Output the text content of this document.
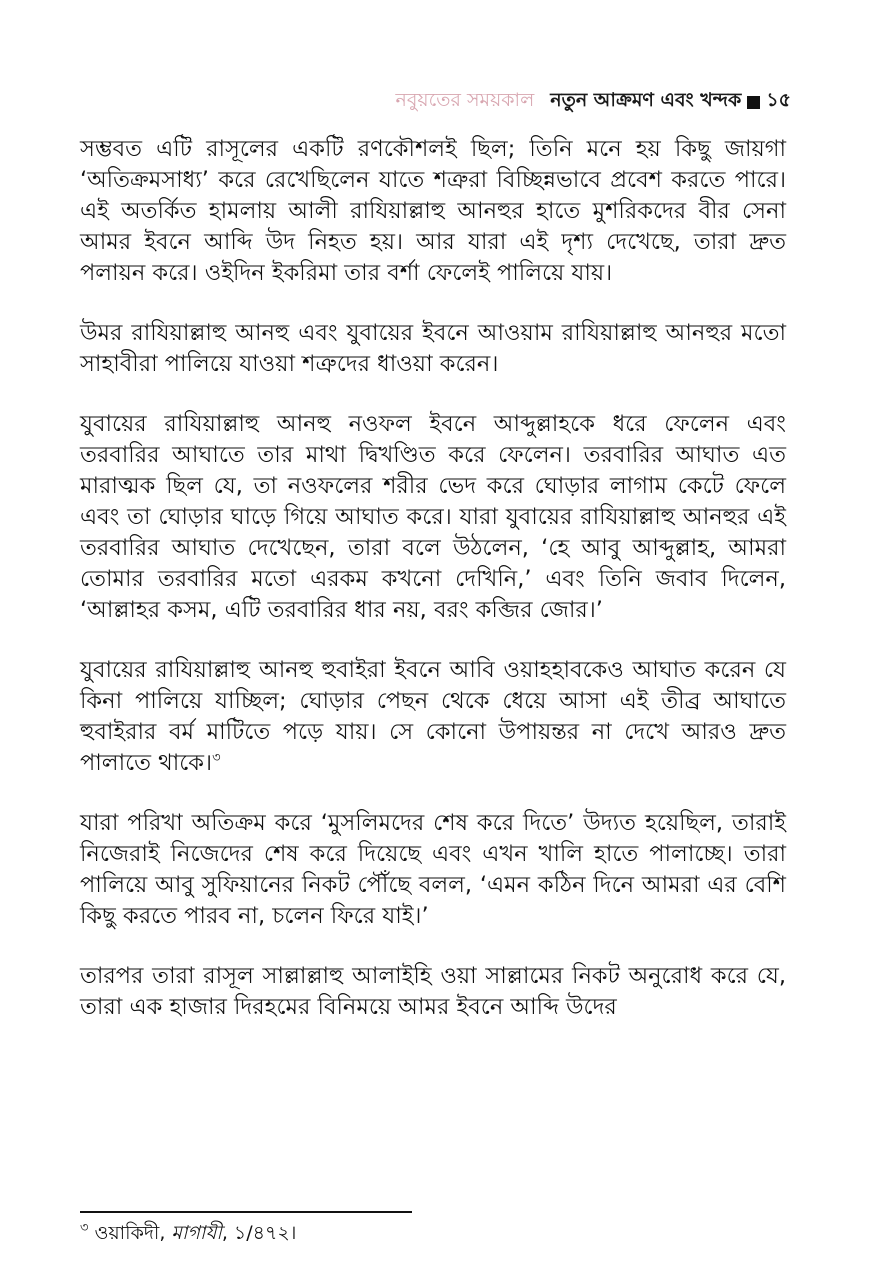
নবুয়তের সময়কাল নতুন আক্রমণ এবং খন্দক ১৫

সম্ভবত এটি রাসূলের একটি রণকৌশলই ছিল; তিনি মনে হয় কিছু জায়গা ‘অতিক্রমসাধ্য’ করে রেখেছিলেন যাতে শত্রুরা বিচ্ছিন্নভাবে প্রবেশ করতে পারে। এই অতর্কিত হামলায় আলী রাযিয়াল্লাহু আনহুর হাতে মুশরিকদের বীর সেনা আমর ইবনে আব্দি উদ নিহত হয়। আর যারা এই দৃশ্য দেখেছে, তারা দ্রুত পলায়ন করে। ওইদিন ইকরিমা তার বর্শা ফেলেই পালিয়ে যায়।

উমর রাযিয়াল্লাহু আনহু এবং যুবায়ের ইবনে আওয়াম রাযিয়াল্লাহু আনহুর মতো সাহাবীরা পালিয়ে যাওয়া শত্রুদের ধাওয়া করেন।

যুবায়ের রাযিয়াল্লাহু আনহু নওফল ইবনে আব্দুল্লাহকে ধরে ফেলেন এবং তরবারির আঘাতে তার মাথা দ্বিখণ্ডিত করে ফেলেন। তরবারির আঘাত এত মারাত্মক ছিল যে, তা নওফলের শরীর ভেদ করে ঘোড়ার লাগাম কেটে ফেলে এবং তা ঘোড়ার ঘাড়ে গিয়ে আঘাত করে। যারা যুবায়ের রাযিয়াল্লাহু আনহুর এই তরবারির আঘাত দেখেছেন, তারা বলে উঠলেন, ‘হে আবু আব্দুল্লাহ, আমরা তোমার তরবারির মতো এরকম কখনো দেখিনি,’ এবং তিনি জবাব দিলেন, ‘আল্লাহর কসম, এটি তরবারির ধার নয়, বরং কব্জির জোর।’

যুবায়ের রাযিয়াল্লাহু আনহু হুবাইরা ইবনে আবি ওয়াহহাবকেও আঘাত করেন যে কিনা পালিয়ে যাচ্ছিল; ঘোড়ার পেছন থেকে ধেয়ে আসা এই তীব্র আঘাতে হুবাইরার বর্ম মাটিতে পড়ে যায়। সে কোনো উপায়ন্তর না দেখে আরও দ্রুত পালাতে থাকে।$^৩$

যারা পরিখা অতিক্রম করে ‘মুসলিমদের শেষ করে দিতে’ উদ্যত হয়েছিল, তারাই নিজেরাই নিজেদের শেষ করে দিয়েছে এবং এখন খালি হাতে পালাচ্ছে। তারা পালিয়ে আবু সুফিয়ানের নিকট পৌঁছে বলল, ‘এমন কঠিন দিনে আমরা এর বেশি কিছু করতে পারব না, চলেন ফিরে যাই।’

তারপর তারা রাসূল সাল্লাল্লাহু আলাইহি ওয়া সাল্লামের নিকট অনুরোধ করে যে, তারা এক হাজার দিরহমের বিনিময়ে আমর ইবনে আব্দি উদের

$^৩$ ওয়াকিদী, মাগাযী, ১/৪৭২।
